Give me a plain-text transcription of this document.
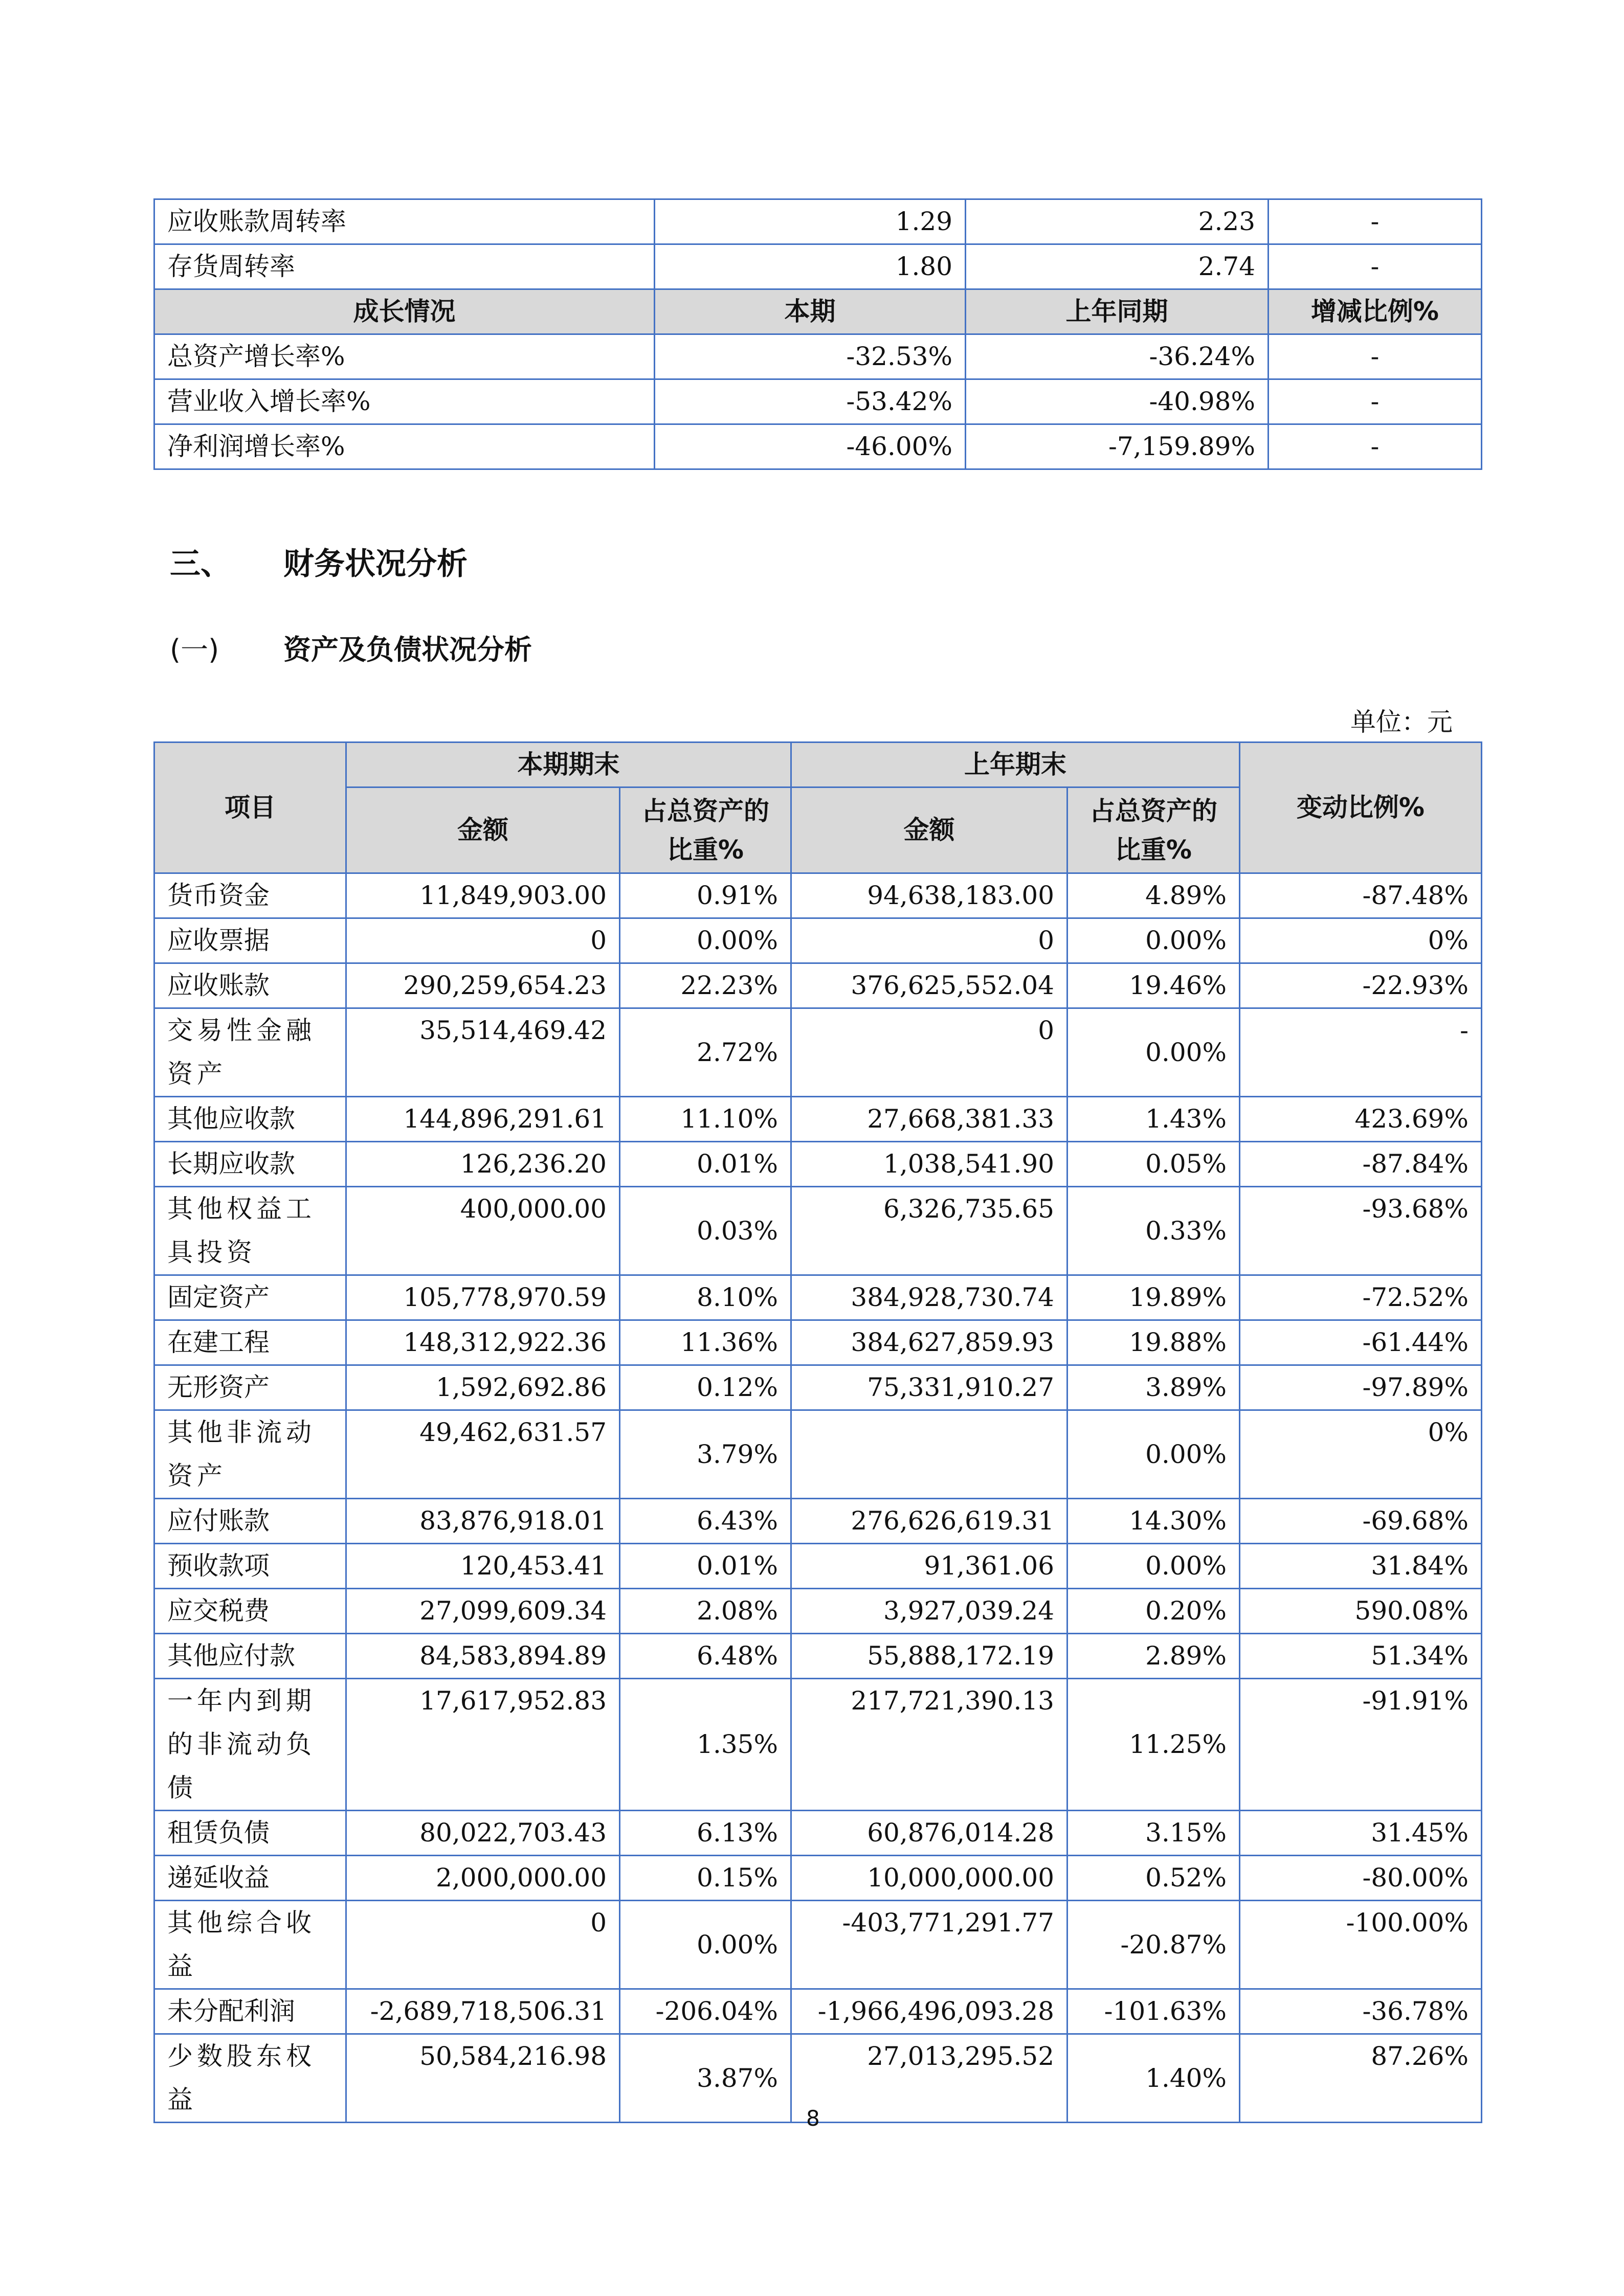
应收账款周转率	1.29	2.23	-
存货周转率	1.80	2.74	-
成长情况	本期	上年同期	增减比例%
总资产增长率%	-32.53%	-36.24%	-
营业收入增长率%	-53.42%	-40.98%	-
净利润增长率%	-46.00%	-7,159.89%	-
三、 财务状况分析
(一) 资产及负债状况分析
单位：元
项目	本期期末		上年期末		变动比例%
	金额	占总资产的比重%	金额	占总资产的比重%	
货币资金	11,849,903.00	0.91%	94,638,183.00	4.89%	-87.48%
应收票据	0	0.00%	0	0.00%	0%
应收账款	290,259,654.23	22.23%	376,625,552.04	19.46%	-22.93%
交易性金融资产	35,514,469.42	2.72%	0	0.00%	-
其他应收款	144,896,291.61	11.10%	27,668,381.33	1.43%	423.69%
长期应收款	126,236.20	0.01%	1,038,541.90	0.05%	-87.84%
其他权益工具投资	400,000.00	0.03%	6,326,735.65	0.33%	-93.68%
固定资产	105,778,970.59	8.10%	384,928,730.74	19.89%	-72.52%
在建工程	148,312,922.36	11.36%	384,627,859.93	19.88%	-61.44%
无形资产	1,592,692.86	0.12%	75,331,910.27	3.89%	-97.89%
其他非流动资产	49,462,631.57	3.79%		0.00%	0%
应付账款	83,876,918.01	6.43%	276,626,619.31	14.30%	-69.68%
预收款项	120,453.41	0.01%	91,361.06	0.00%	31.84%
应交税费	27,099,609.34	2.08%	3,927,039.24	0.20%	590.08%
其他应付款	84,583,894.89	6.48%	55,888,172.19	2.89%	51.34%
一年内到期的非流动负债	17,617,952.83	1.35%	217,721,390.13	11.25%	-91.91%
租赁负债	80,022,703.43	6.13%	60,876,014.28	3.15%	31.45%
递延收益	2,000,000.00	0.15%	10,000,000.00	0.52%	-80.00%
其他综合收益	0	0.00%	-403,771,291.77	-20.87%	-100.00%
未分配利润	-2,689,718,506.31	-206.04%	-1,966,496,093.28	-101.63%	-36.78%
少数股东权益	50,584,216.98	3.87%	27,013,295.52	1.40%	87.26%
8
